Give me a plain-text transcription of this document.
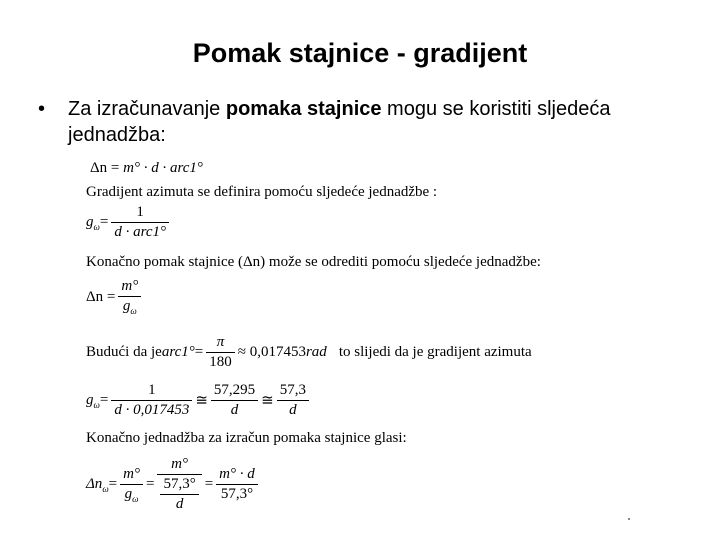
Pomak stajnice - gradijent
• Za izračunavanje pomaka stajnice mogu se koristiti sljedeća jednadžba:
Δn = m° · d · arc1°
Gradijent azimuta se definira pomoću sljedeće jednadžbe :
$g_\omega= \frac{1}{\text{d · arc1°}}$
Konačno pomak stajnice (Δn) može se odrediti pomoću sljedeće jednadžbe:
$\Delta n = \frac{m^\circ}{g_\omega}$
Budući da jearc1°= $\frac{\pi}{180} \approx 0,017453rad$ to slijedi da je gradijent azimuta
$g_\omega= \frac{1}{d \cdot 0,017453}$ ≅ $\frac{57,295}{d}$ ≅ $\frac{57,3}{d}$
Konačno jednadžba za izračun pomaka stajnice glasi:
$\Delta n_\omega= \frac{m^\circ}{g_\omega} = \frac{m^\circ}{\frac{57,3^\circ}{d}} = \frac{m^\circ \cdot d}{57,3^\circ}$
